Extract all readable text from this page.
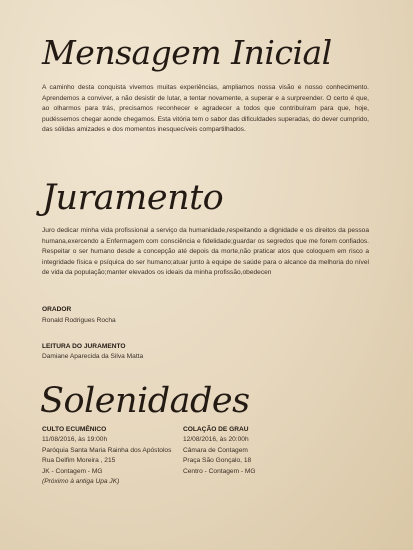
Mensagem Inicial
A caminho desta conquista vivemos muitas experiências, ampliamos nossa visão e nosso conhecimento. Aprendemos a conviver, a não desistir de lutar, a tentar novamente, a superar e a surpreender. O certo é que, ao olharmos para trás, precisamos reconhecer e agradecer a todos que contribuíram para que, hoje, pudéssemos chegar aonde chegamos. Esta vitória tem o sabor das dificuldades superadas, do dever cumprido, das sólidas amizades e dos momentos inesquecíveis compartilhados.
Juramento
Juro dedicar minha vida profissional a serviço da humanidade,respeitando a dignidade e os direitos da pessoa humana,exercendo a Enfermagem com consciência e fidelidade;guardar os segredos que me forem confiados. Respeitar o ser humano desde a concepção até depois da morte,não praticar atos que coloquem em risco a integridade física e psíquica do ser humano;atuar junto à equipe de saúde para o alcance da melhoria do nível de vida da população;manter elevados os ideais da minha profissão,obedecen
ORADOR
Ronald Rodrigues Rocha
LEITURA DO JURAMENTO
Damiane Aparecida da Silva Matta
Solenidades
CULTO ECUMÊNICO
11/08/2016, às 19:00h
Paróquia Santa Maria Rainha dos Apóstolos
Rua Delfim Moreira , 215
JK - Contagem - MG
(Próximo à antiga Upa JK)
COLAÇÃO DE GRAU
12/08/2016, às 20:00h
Câmara de Contagem
Praça São Gonçalo, 18
Centro - Contagem - MG
